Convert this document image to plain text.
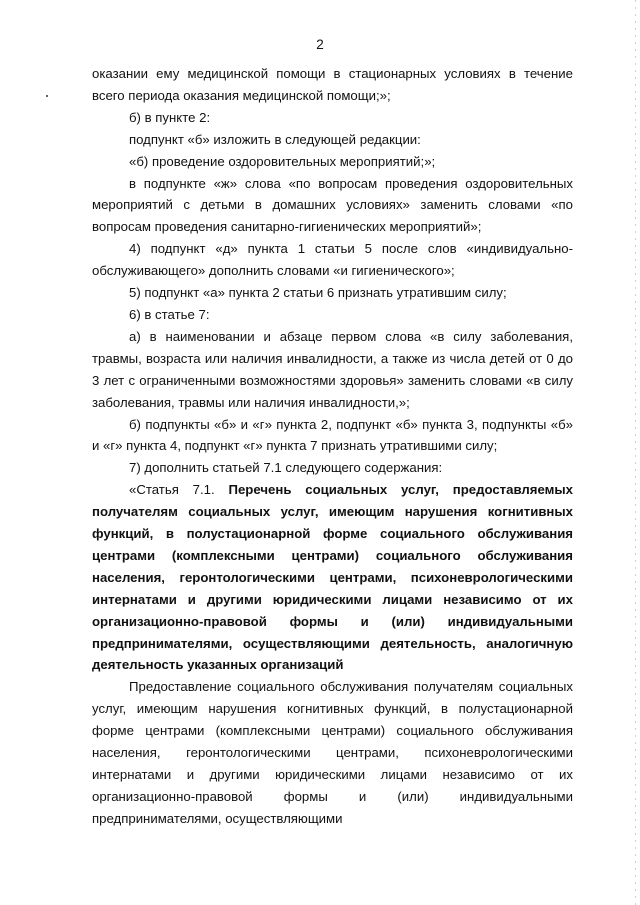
2

оказании ему медицинской помощи в стационарных условиях в течение всего периода оказания медицинской помощи;»;

б) в пункте 2:

подпункт «б» изложить в следующей редакции:

«б) проведение оздоровительных мероприятий;»;

в подпункте «ж» слова «по вопросам проведения оздоровительных мероприятий с детьми в домашних условиях» заменить словами «по вопросам проведения санитарно-гигиенических мероприятий»;

4) подпункт «д» пункта 1 статьи 5 после слов «индивидуально-обслуживающего» дополнить словами «и гигиенического»;

5) подпункт «а» пункта 2 статьи 6 признать утратившим силу;

6) в статье 7:

а) в наименовании и абзаце первом слова «в силу заболевания, травмы, возраста или наличия инвалидности, а также из числа детей от 0 до 3 лет с ограниченными возможностями здоровья» заменить словами «в силу заболевания, травмы или наличия инвалидности,»;

б) подпункты «б» и «г» пункта 2, подпункт «б» пункта 3, подпункты «б» и «г» пункта 4, подпункт «г» пункта 7 признать утратившими силу;

7) дополнить статьей 7.1 следующего содержания:

«Статья 7.1. Перечень социальных услуг, предоставляемых получателям социальных услуг, имеющим нарушения когнитивных функций, в полустационарной форме социального обслуживания центрами (комплексными центрами) социального обслуживания населения, геронтологическими центрами, психоневрологическими интернатами и другими юридическими лицами независимо от их организационно-правовой формы и (или) индивидуальными предпринимателями, осуществляющими деятельность, аналогичную деятельность указанных организаций

Предоставление социального обслуживания получателям социальных услуг, имеющим нарушения когнитивных функций, в полустационарной форме центрами (комплексными центрами) социального обслуживания населения, геронтологическими центрами, психоневрологическими интернатами и другими юридическими лицами независимо от их организационно-правовой формы и (или) индивидуальными предпринимателями, осуществляющими
